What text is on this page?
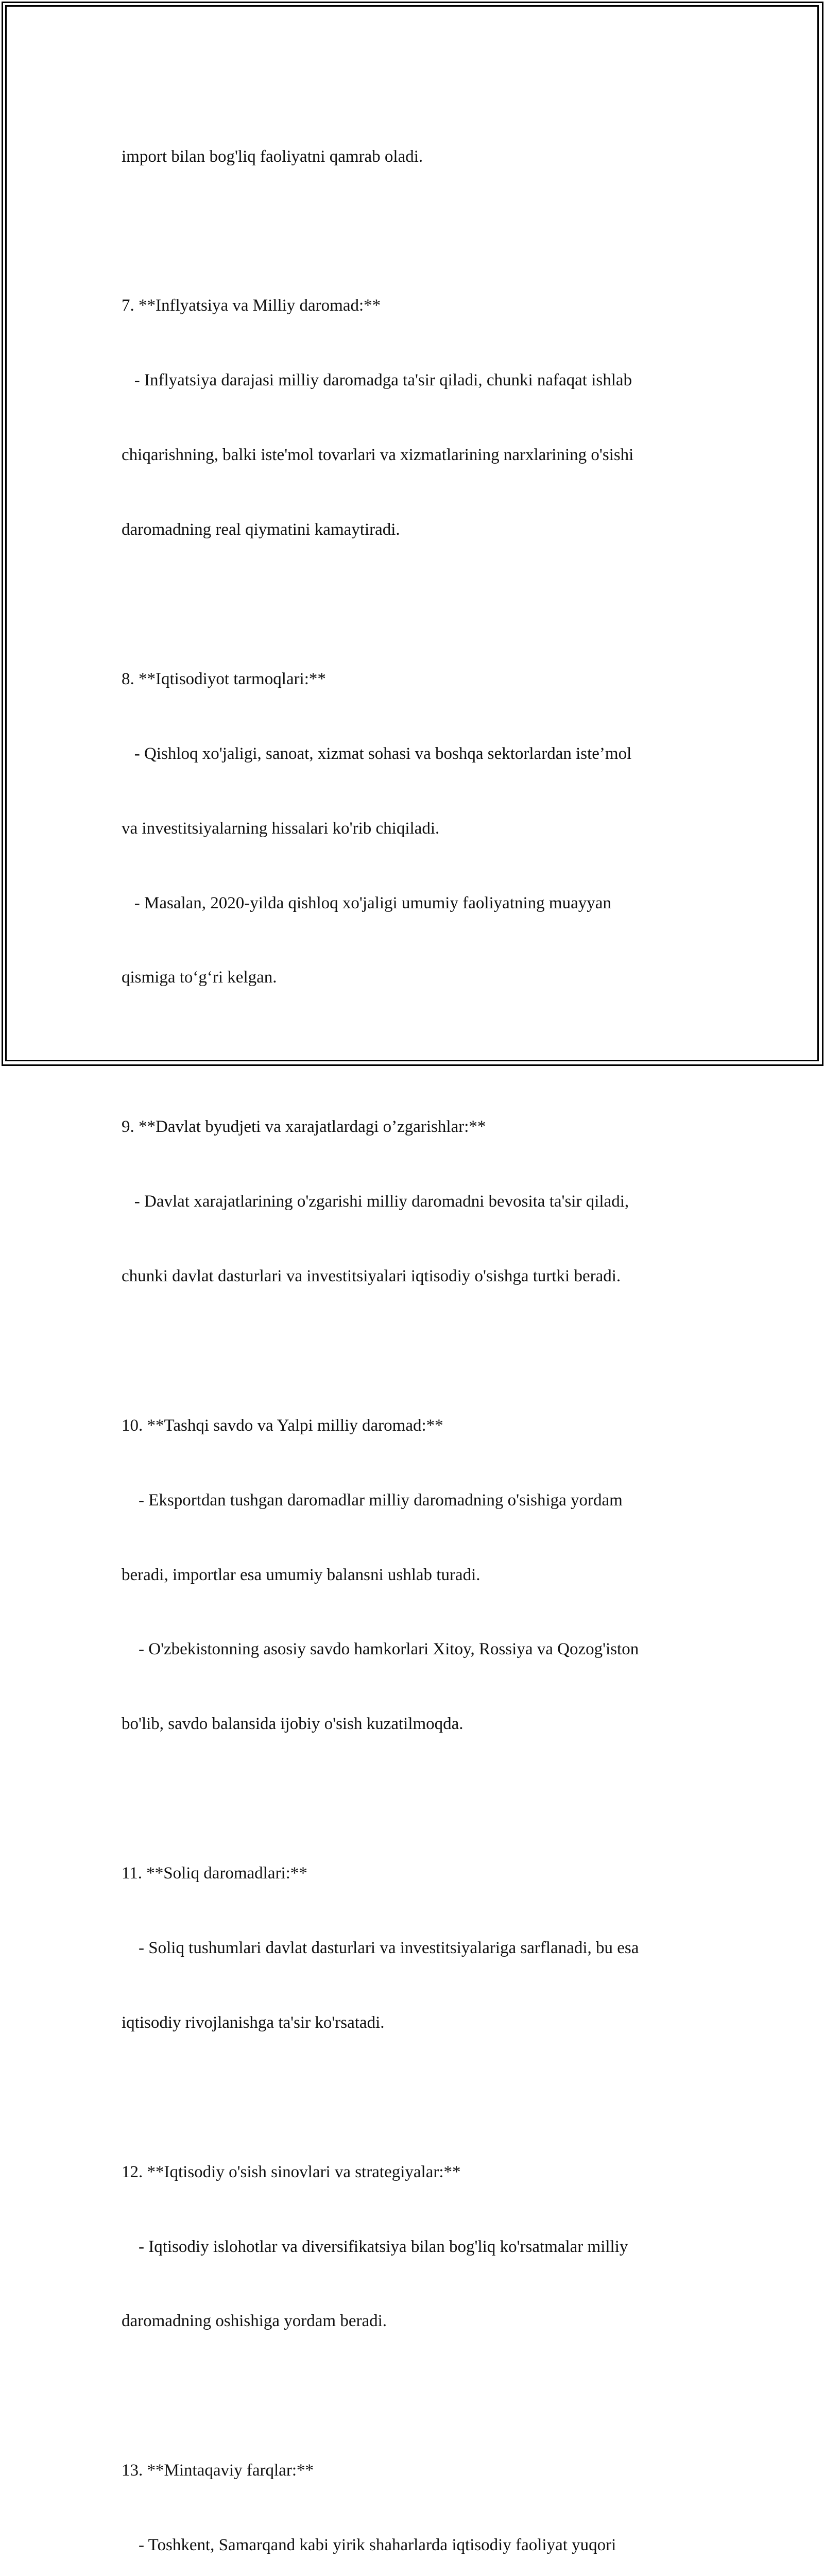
import bilan bog'liq faoliyatni qamrab oladi.

7. **Inflyatsiya va Milliy daromad:**

- Inflyatsiya darajasi milliy daromadga ta'sir qiladi, chunki nafaqat ishlab

chiqarishning, balki iste'mol tovarlari va xizmatlarining narxlarining o'sishi

daromadning real qiymatini kamaytiradi.

8. **Iqtisodiyot tarmoqlari:**

- Qishloq xo'jaligi, sanoat, xizmat sohasi va boshqa sektorlardan iste’mol

va investitsiyalarning hissalari ko'rib chiqiladi.

- Masalan, 2020-yilda qishloq xo'jaligi umumiy faoliyatning muayyan

qismiga to‘g‘ri kelgan.

9. **Davlat byudjeti va xarajatlardagi o’zgarishlar:**

- Davlat xarajatlarining o'zgarishi milliy daromadni bevosita ta'sir qiladi,

chunki davlat dasturlari va investitsiyalari iqtisodiy o'sishga turtki beradi.

10. **Tashqi savdo va Yalpi milliy daromad:**

- Eksportdan tushgan daromadlar milliy daromadning o'sishiga yordam

beradi, importlar esa umumiy balansni ushlab turadi.

- O'zbekistonning asosiy savdo hamkorlari Xitoy, Rossiya va Qozog'iston

bo'lib, savdo balansida ijobiy o'sish kuzatilmoqda.

11. **Soliq daromadlari:**

- Soliq tushumlari davlat dasturlari va investitsiyalariga sarflanadi, bu esa

iqtisodiy rivojlanishga ta'sir ko'rsatadi.

12. **Iqtisodiy o'sish sinovlari va strategiyalar:**

- Iqtisodiy islohotlar va diversifikatsiya bilan bog'liq ko'rsatmalar milliy

daromadning oshishiga yordam beradi.

13. **Mintaqaviy farqlar:**

- Toshkent, Samarqand kabi yirik shaharlarda iqtisodiy faoliyat yuqori
